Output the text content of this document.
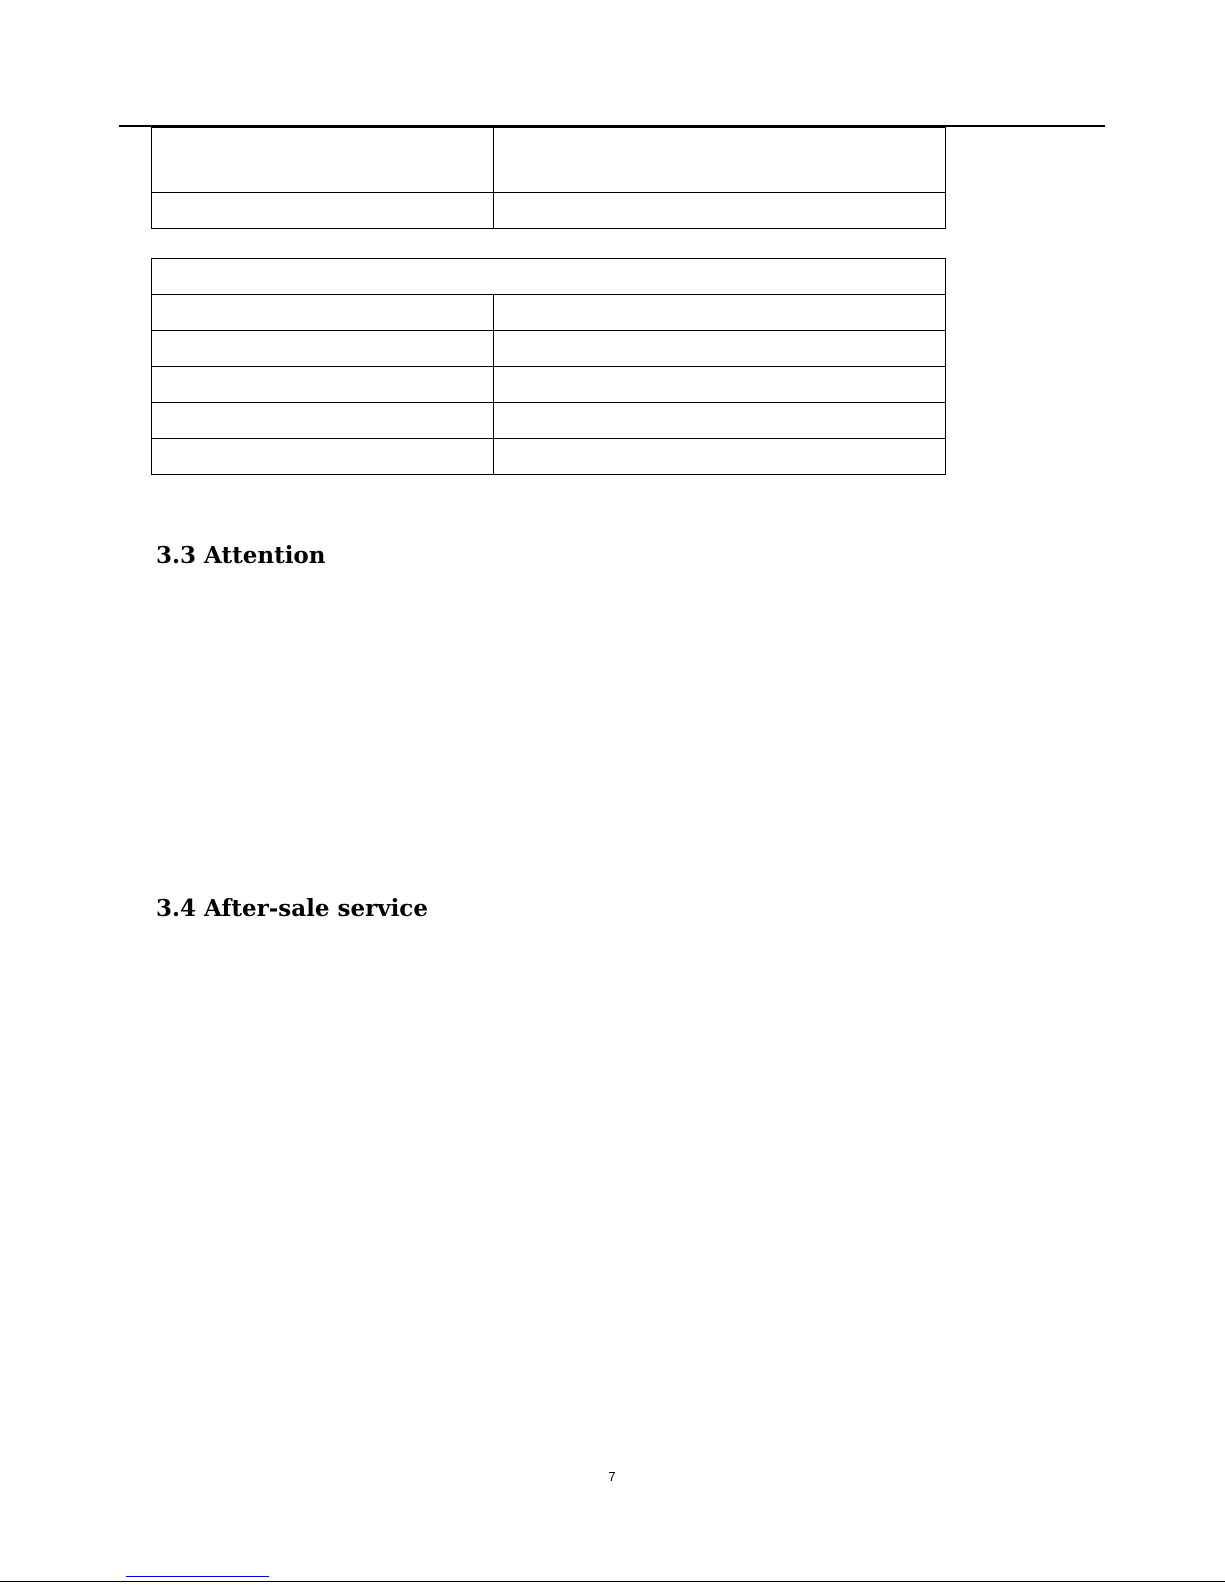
3.3 Attention
3.4 After-sale service
7
